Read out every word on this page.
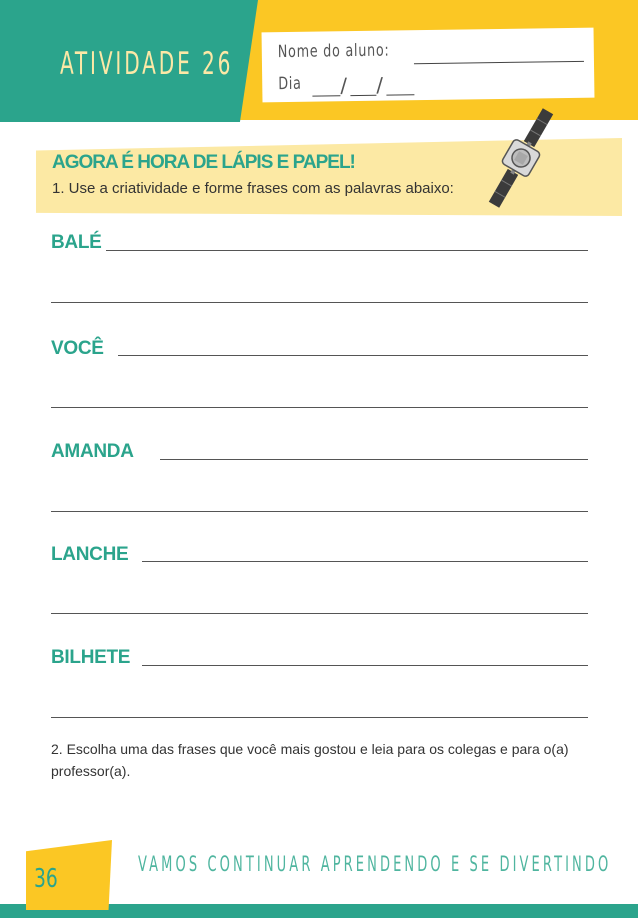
ATIVIDADE 26	Nome do aluno:
Dia / /
AGORA É HORA DE LÁPIS E PAPEL!
1. Use a criatividade e forme frases com as palavras abaixo:
BALÉ
VOCÊ
AMANDA
LANCHE
BILHETE
2. Escolha uma das frases que você mais gostou e leia para os colegas e para o(a) professor(a).
36	VAMOS CONTINUAR APRENDENDO E SE DIVERTINDO
